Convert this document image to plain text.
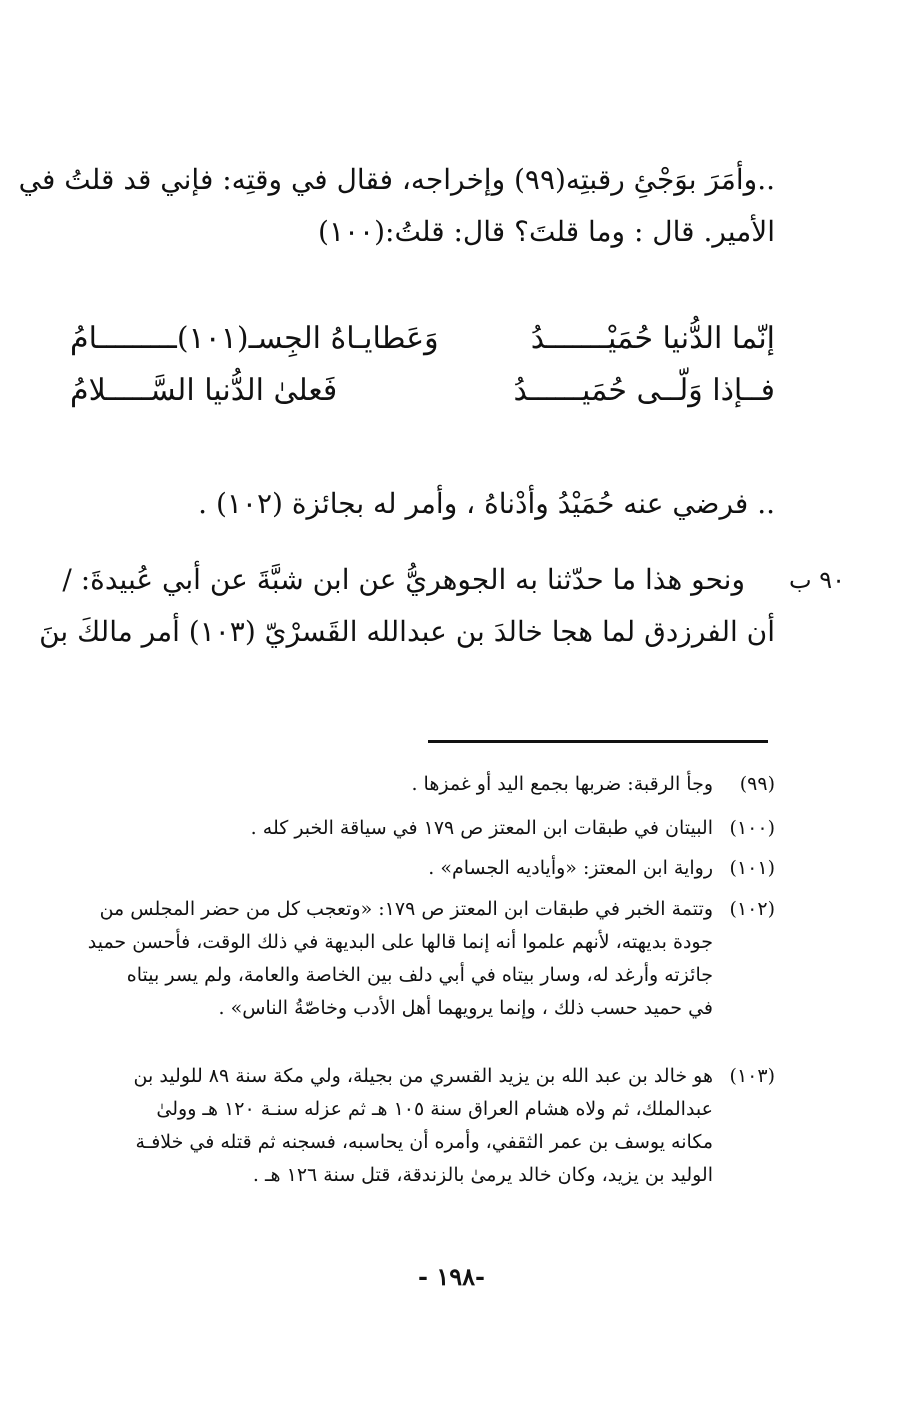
..وأمَرَ بوَجْئِ رقبتِه(٩٩) وإخراجه، فقال في وقتِه: فإني قد قلتُ في
الأمير. قال : وما قلتَ؟ قال: قلتُ:(١٠٠)
إنّما الدُّنيا حُمَيْـــــــدُ
وَعَطايـاهُ الجِسـ(١٠١)ـــــــــامُ
فــإذا وَلّــى حُمَيــــــدُ
فَعلىٰ الدُّنيا السَّـــــلامُ
.. فرضي عنه حُمَيْدُ وأدْناهُ ، وأمر له بجائزة (١٠٢) .
٩٠ ب
ونحو هذا ما حدّثنا به الجوهريُّ عن ابن شبَّةَ عن أبي عُبيدةَ: /
أن الفرزدق لما هجا خالدَ بن عبدالله القَسرْيّ (١٠٣) أمر مالكَ بنَ
(٩٩)
وجأ الرقبة: ضربها بجمع اليد أو غمزها .
(١٠٠)
البيتان في طبقات ابن المعتز ص ١٧٩ في سياقة الخبر كله .
(١٠١)
رواية ابن المعتز: «وأياديه الجسام» .
(١٠٢)
وتتمة الخبر في طبقات ابن المعتز ص ١٧٩: «وتعجب كل من حضر المجلس من
جودة بديهته، لأنهم علموا أنه إنما قالها على البديهة في ذلك الوقت، فأحسن حميد
جائزته وأرغد له، وسار بيتاه في أبي دلف بين الخاصة والعامة، ولم يسر بيتاه
في حميد حسب ذلك ، وإنما يرويهما أهل الأدب وخاصّةُ الناس» .
(١٠٣)
هو خالد بن عبد الله بن يزيد القسري من بجيلة، ولي مكة سنة ٨٩ للوليد بن
عبدالملك، ثم ولاه هشام العراق سنة ١٠٥ هـ ثم عزله سنـة ١٢٠ هـ وولىٰ
مكانه يوسف بن عمر الثقفي، وأمره أن يحاسبه، فسجنه ثم قتله في خلافـة
الوليد بن يزيد، وكان خالد يرمىٰ بالزندقة، قتل سنة ١٢٦ هـ .
-١٩٨ -
